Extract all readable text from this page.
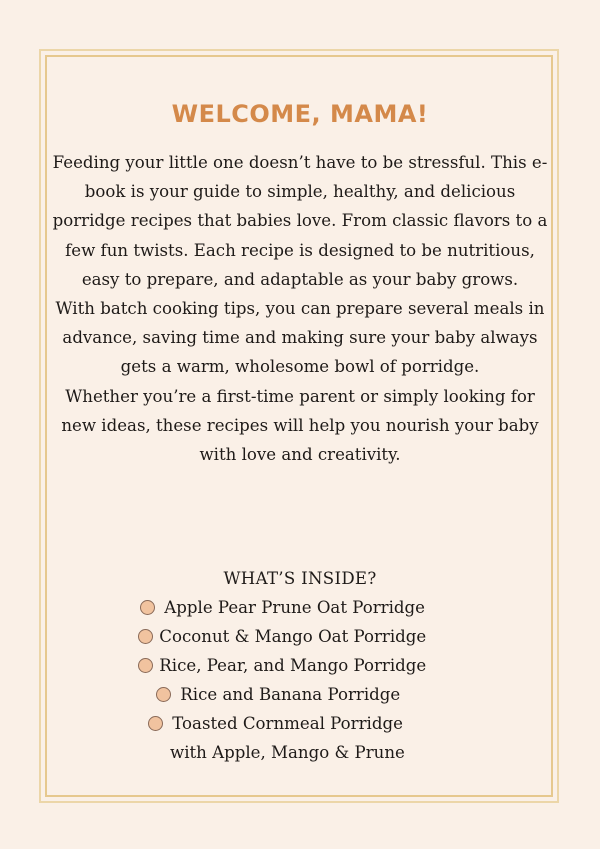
WELCOME, MAMA!

Feeding your little one doesn’t have to be stressful. This e-book is your guide to simple, healthy, and delicious porridge recipes that babies love. From classic flavors to a few fun twists. Each recipe is designed to be nutritious, easy to prepare, and adaptable as your baby grows.

With batch cooking tips, you can prepare several meals in advance, saving time and making sure your baby always gets a warm, wholesome bowl of porridge.

Whether you’re a first-time parent or simply looking for new ideas, these recipes will help you nourish your baby with love and creativity.

WHAT’S INSIDE?
Apple Pear Prune Oat Porridge
Coconut & Mango Oat Porridge
Rice, Pear, and Mango Porridge
Rice and Banana Porridge
Toasted Cornmeal Porridge
with Apple, Mango & Prune
